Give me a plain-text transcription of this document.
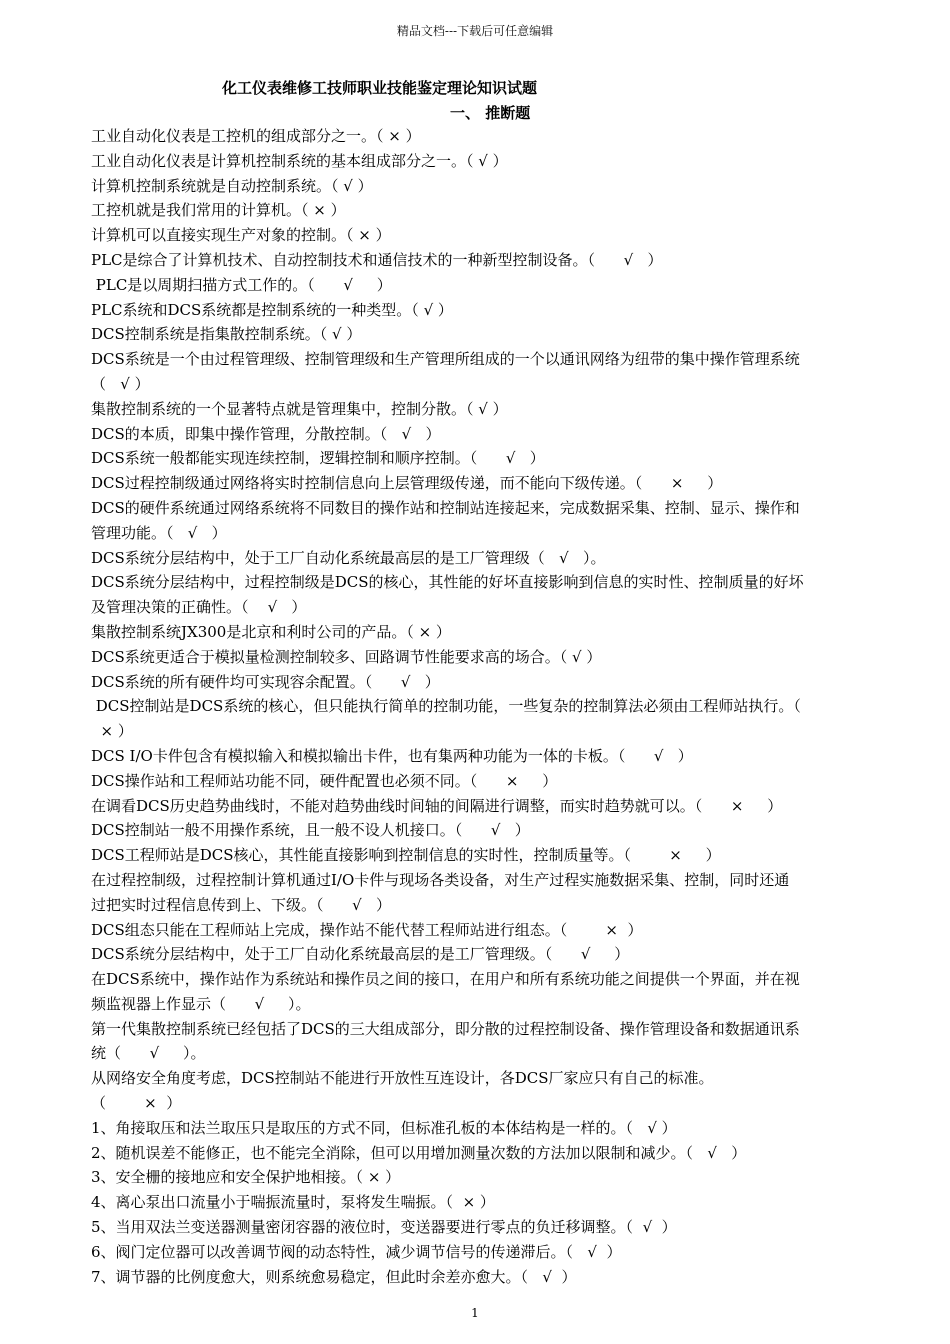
精品文档---下载后可任意编辑
化工仪表维修工技师职业技能鉴定理论知识试题
一、 推断题
工业自动化仪表是工控机的组成部分之一。（ × ）
工业自动化仪表是计算机控制系统的基本组成部分之一。（ √ ）
计算机控制系统就是自动控制系统。（ √ ）
工控机就是我们常用的计算机。（ × ）
计算机可以直接实现生产对象的控制。（ × ）
PLC是综合了计算机技术、自动控制技术和通信技术的一种新型控制设备。（      √   ）
PLC是以周期扫描方式工作的。（      √     ）
PLC系统和DCS系统都是控制系统的一种类型。（ √ ）
DCS控制系统是指集散控制系统。（ √ ）
DCS系统是一个由过程管理级、控制管理级和生产管理所组成的一个以通讯网络为纽带的集中操作管理系统
（   √ ）
集散控制系统的一个显著特点就是管理集中，控制分散。（ √ ）
DCS的本质，即集中操作管理，分散控制。（   √   ）
DCS系统一般都能实现连续控制，逻辑控制和顺序控制。（      √   ）
DCS过程控制级通过网络将实时控制信息向上层管理级传递，而不能向下级传递。（      ×     ）
DCS的硬件系统通过网络系统将不同数目的操作站和控制站连接起来，完成数据采集、控制、显示、操作和
管理功能。（   √   ）
DCS系统分层结构中，处于工厂自动化系统最高层的是工厂管理级（   √   ）。
DCS系统分层结构中，过程控制级是DCS的核心，其性能的好坏直接影响到信息的实时性、控制质量的好坏
及管理决策的正确性。（    √   ）
集散控制系统JX300是北京和利时公司的产品。（ × ）
DCS系统更适合于模拟量检测控制较多、回路调节性能要求高的场合。（ √ ）
DCS系统的所有硬件均可实现容余配置。（      √   ）
DCS控制站是DCS系统的核心，但只能执行简单的控制功能，一些复杂的控制算法必须由工程师站执行。（
× ）
DCS I/O卡件包含有模拟输入和模拟输出卡件，也有集两种功能为一体的卡板。（      √   ）
DCS操作站和工程师站功能不同，硬件配置也必须不同。（      ×     ）
在调看DCS历史趋势曲线时，不能对趋势曲线时间轴的间隔进行调整，而实时趋势就可以。（      ×     ）
DCS控制站一般不用操作系统，且一般不设人机接口。（      √   ）
DCS工程师站是DCS核心，其性能直接影响到控制信息的实时性，控制质量等。（        ×     ）
在过程控制级，过程控制计算机通过I/O卡件与现场各类设备，对生产过程实施数据采集、控制，同时还通
过把实时过程信息传到上、下级。（      √   ）
DCS组态只能在工程师站上完成，操作站不能代替工程师站进行组态。（        ×  ）
DCS系统分层结构中，处于工厂自动化系统最高层的是工厂管理级。（      √     ）
在DCS系统中，操作站作为系统站和操作员之间的接口，在用户和所有系统功能之间提供一个界面，并在视
频监视器上作显示（      √     ）。
第一代集散控制系统已经包括了DCS的三大组成部分，即分散的过程控制设备、操作管理设备和数据通讯系
统（      √     ）。
从网络安全角度考虑，DCS控制站不能进行开放性互连设计，各DCS厂家应只有自己的标准。
（        ×  ）
1、角接取压和法兰取压只是取压的方式不同，但标准孔板的本体结构是一样的。（   √ ）
2、随机误差不能修正，也不能完全消除，但可以用增加测量次数的方法加以限制和减少。（   √   ）
3、安全栅的接地应和安全保护地相接。（ × ）
4、离心泵出口流量小于喘振流量时，泵将发生喘振。（  × ）
5、当用双法兰变送器测量密闭容器的液位时，变送器要进行零点的负迁移调整。（  √  ）
6、阀门定位器可以改善调节阀的动态特性，减少调节信号的传递滞后。（   √  ）
7、调节器的比例度愈大，则系统愈易稳定，但此时余差亦愈大。（   √  ）
1
